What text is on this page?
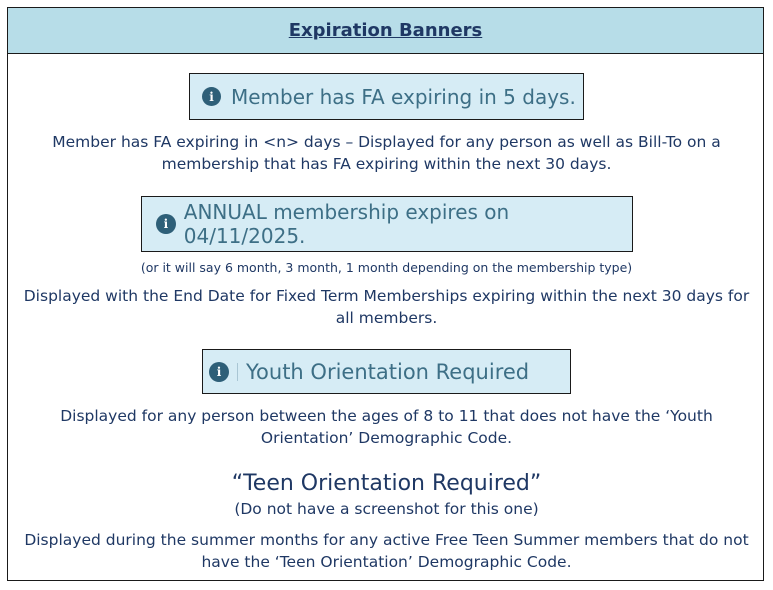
Expiration Banners
i Member has FA expiring in 5 days.
Member has FA expiring in <n> days – Displayed for any person as well as Bill-To on a membership that has FA expiring within the next 30 days.
i ANNUAL membership expires on 04/11/2025.
(or it will say 6 month, 3 month, 1 month depending on the membership type)
Displayed with the End Date for Fixed Term Memberships expiring within the next 30 days for all members.
i	Youth Orientation Required
Displayed for any person between the ages of 8 to 11 that does not have the ‘Youth Orientation’ Demographic Code.
“Teen Orientation Required”
(Do not have a screenshot for this one)
Displayed during the summer months for any active Free Teen Summer members that do not have the ‘Teen Orientation’ Demographic Code.
